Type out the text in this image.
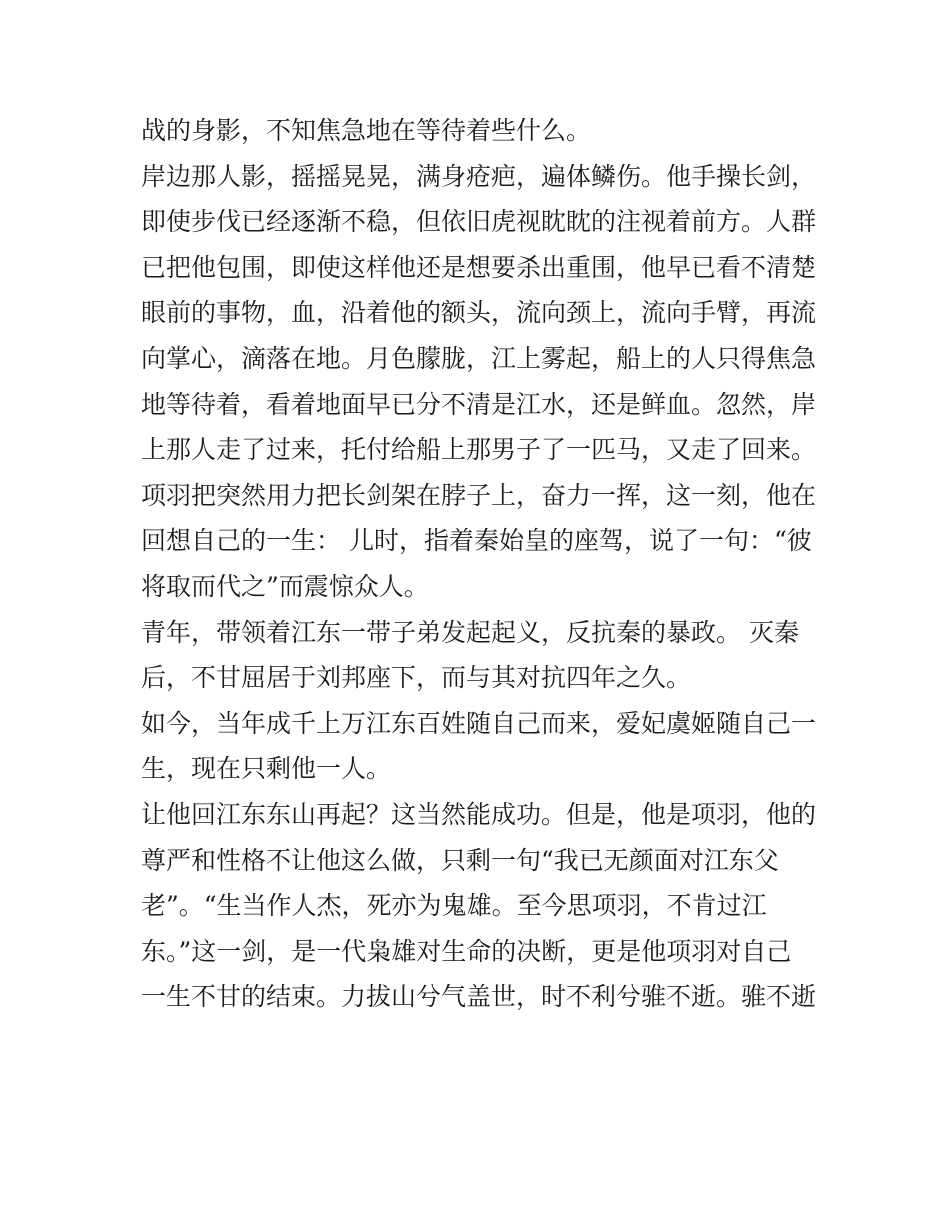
战的身影，不知焦急地在等待着些什么。
岸边那人影，摇摇晃晃，满身疮疤，遍体鳞伤。他手操长剑，
即使步伐已经逐渐不稳，但依旧虎视眈眈的注视着前方。人群
已把他包围，即使这样他还是想要杀出重围，他早已看不清楚
眼前的事物，血，沿着他的额头，流向颈上，流向手臂，再流
向掌心，滴落在地。月色朦胧，江上雾起，船上的人只得焦急
地等待着，看着地面早已分不清是江水，还是鲜血。忽然，岸
上那人走了过来，托付给船上那男子了一匹马，又走了回来。
项羽把突然用力把长剑架在脖子上，奋力一挥，这一刻，他在
回想自己的一生： 儿时，指着秦始皇的座驾，说了一句：“彼
将取而代之”而震惊众人。
青年，带领着江东一带子弟发起起义，反抗秦的暴政。 灭秦
后，不甘屈居于刘邦座下，而与其对抗四年之久。
如今，当年成千上万江东百姓随自己而来，爱妃虞姬随自己一
生，现在只剩他一人。
让他回江东东山再起？这当然能成功。但是，他是项羽，他的
尊严和性格不让他这么做，只剩一句“我已无颜面对江东父
老”。“生当作人杰，死亦为鬼雄。至今思项羽，不肯过江
东。”这一剑，是一代枭雄对生命的决断，更是他项羽对自己
一生不甘的结束。力拔山兮气盖世，时不利兮骓不逝。骓不逝
